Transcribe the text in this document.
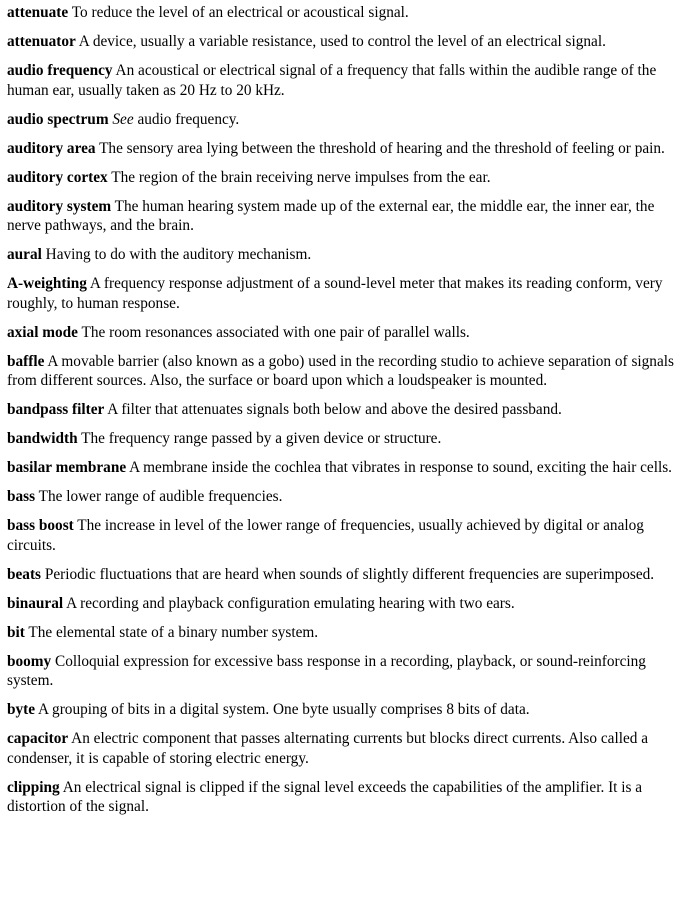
attenuate To reduce the level of an electrical or acoustical signal.

attenuator A device, usually a variable resistance, used to control the level of an electrical signal.

audio frequency An acoustical or electrical signal of a frequency that falls within the audible range of the human ear, usually taken as 20 Hz to 20 kHz.

audio spectrum See audio frequency.

auditory area The sensory area lying between the threshold of hearing and the threshold of feeling or pain.

auditory cortex The region of the brain receiving nerve impulses from the ear.

auditory system The human hearing system made up of the external ear, the middle ear, the inner ear, the nerve pathways, and the brain.

aural Having to do with the auditory mechanism.

A-weighting A frequency response adjustment of a sound-level meter that makes its reading conform, very roughly, to human response.

axial mode The room resonances associated with one pair of parallel walls.

baffle A movable barrier (also known as a gobo) used in the recording studio to achieve separation of signals from different sources. Also, the surface or board upon which a loudspeaker is mounted.

bandpass filter A filter that attenuates signals both below and above the desired passband.

bandwidth The frequency range passed by a given device or structure.

basilar membrane A membrane inside the cochlea that vibrates in response to sound, exciting the hair cells.

bass The lower range of audible frequencies.

bass boost The increase in level of the lower range of frequencies, usually achieved by digital or analog circuits.

beats Periodic fluctuations that are heard when sounds of slightly different frequencies are superimposed.

binaural A recording and playback configuration emulating hearing with two ears.

bit The elemental state of a binary number system.

boomy Colloquial expression for excessive bass response in a recording, playback, or sound-reinforcing system.

byte A grouping of bits in a digital system. One byte usually comprises 8 bits of data.

capacitor An electric component that passes alternating currents but blocks direct currents. Also called a condenser, it is capable of storing electric energy.

clipping An electrical signal is clipped if the signal level exceeds the capabilities of the amplifier. It is a distortion of the signal.
